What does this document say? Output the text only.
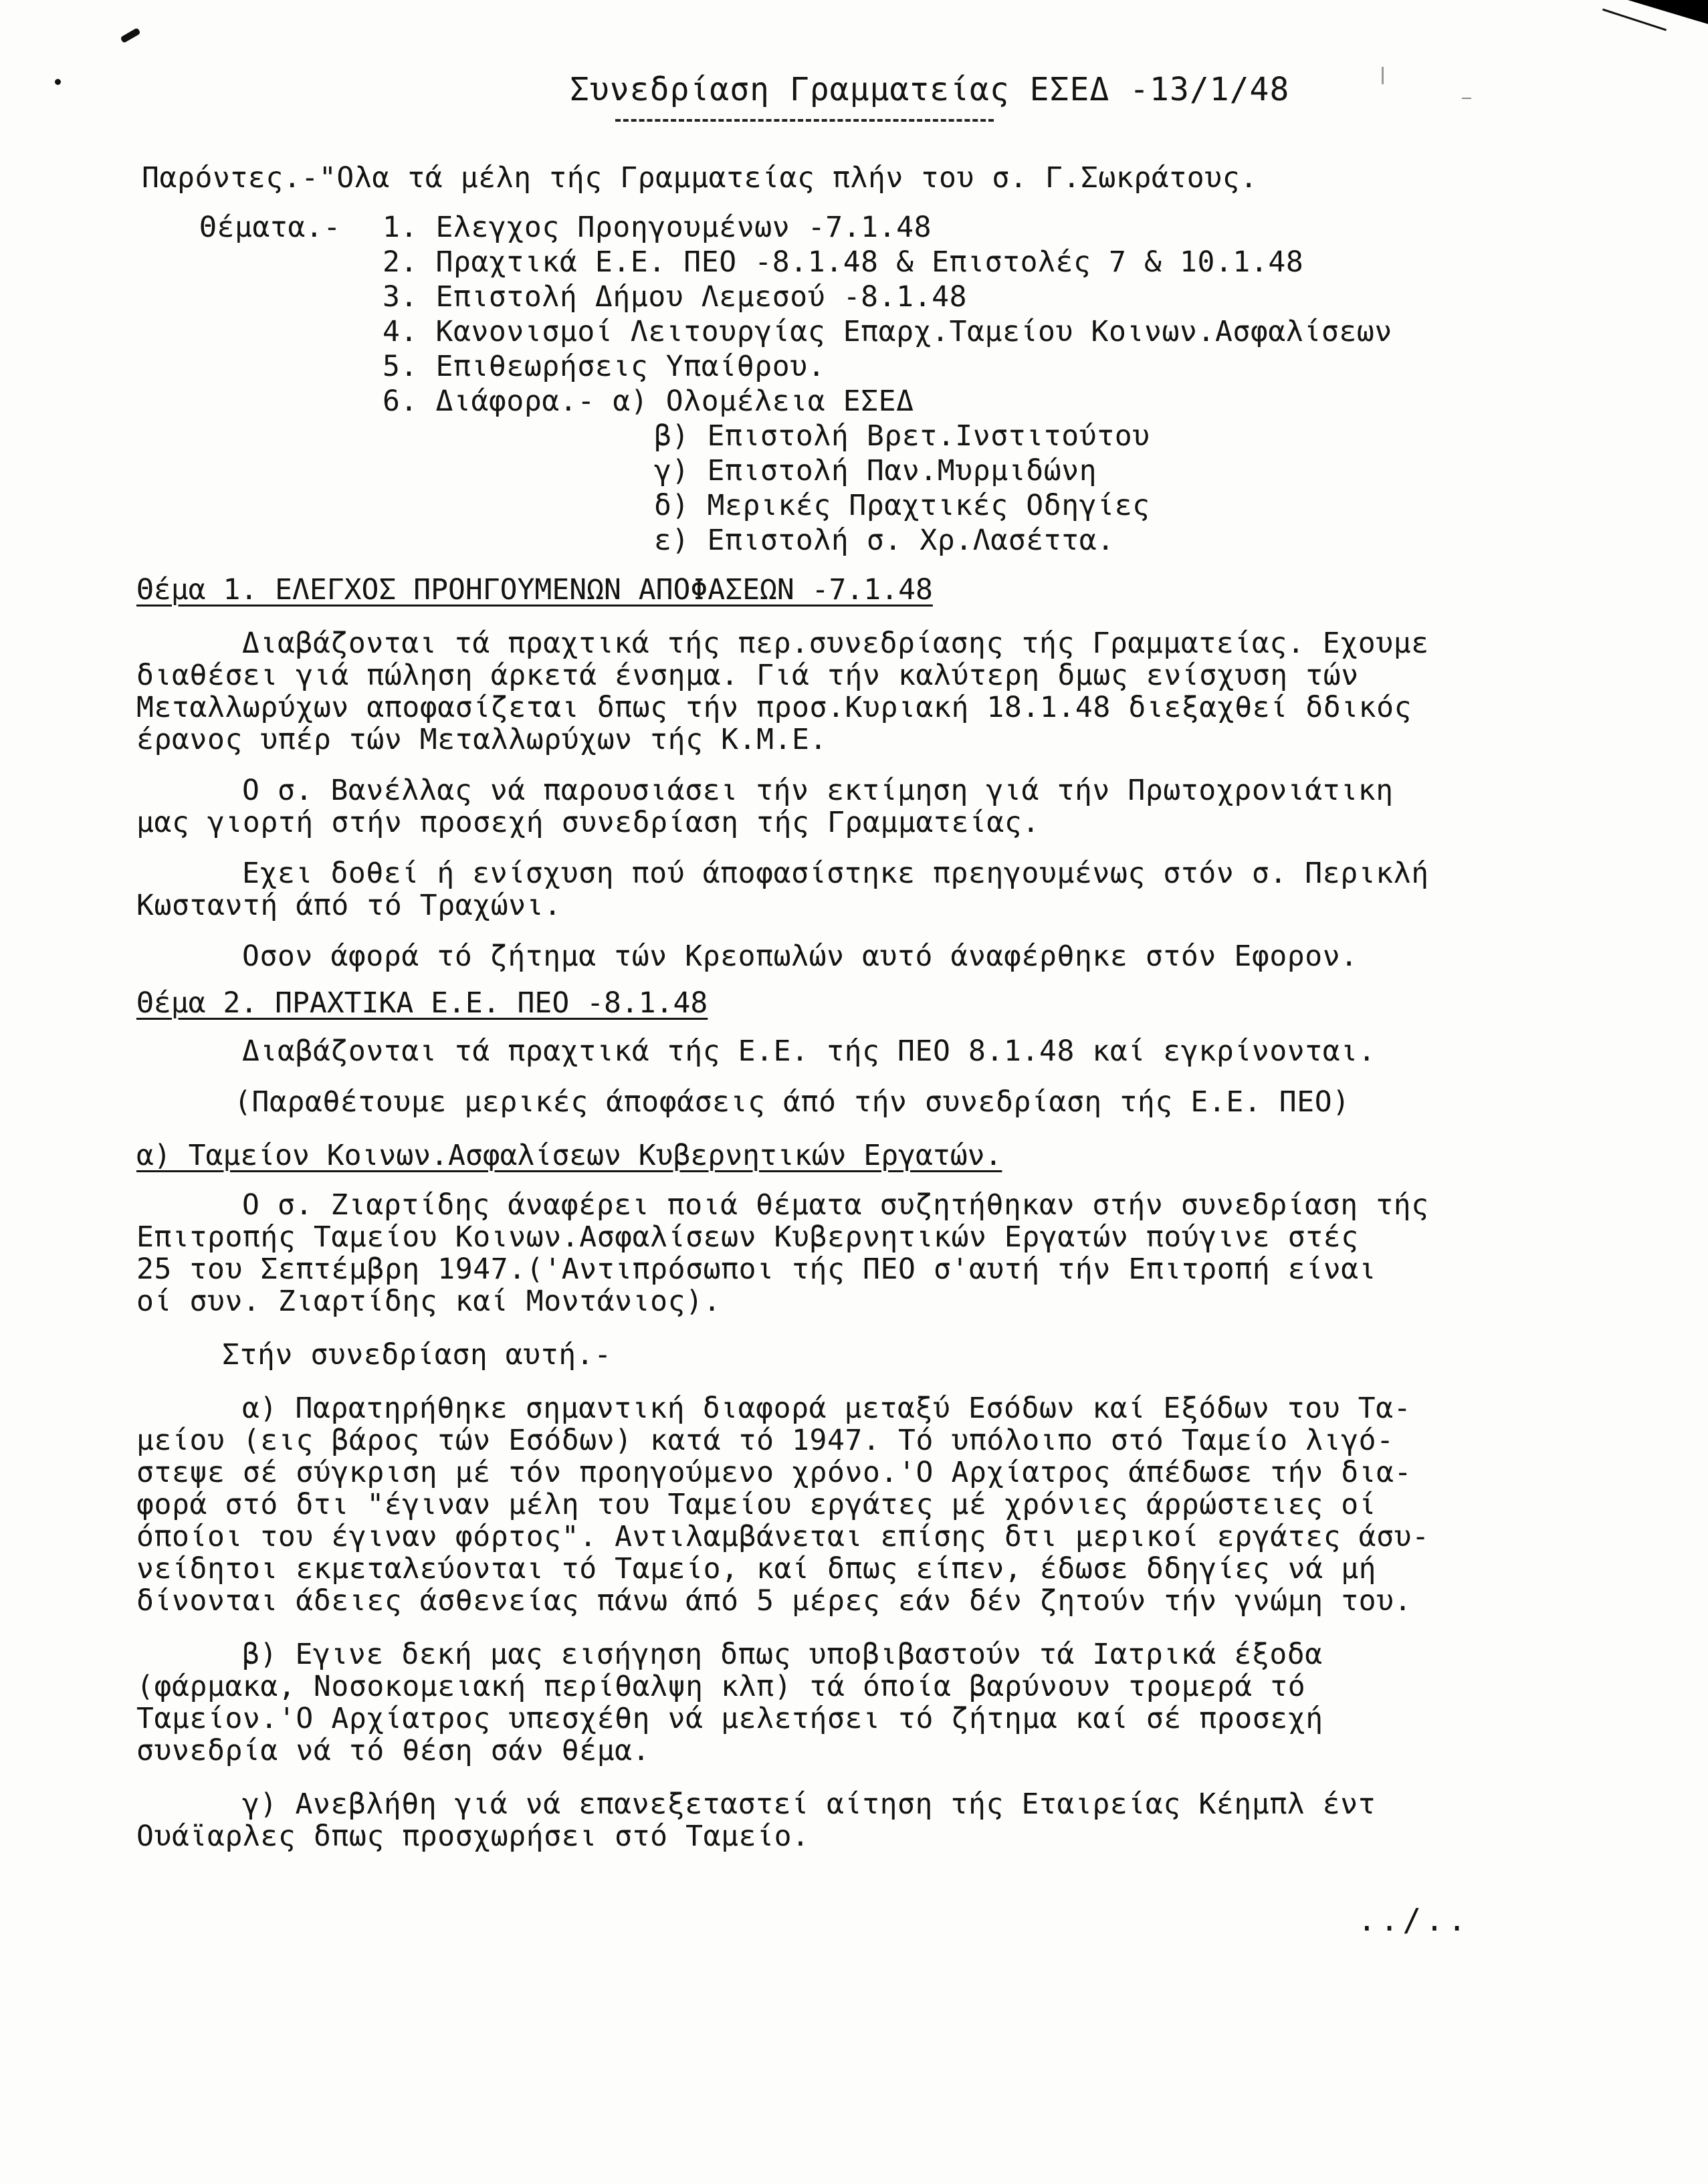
Συνεδρίαση Γραμματείας ΕΣΕΔ -13/1/48
Παρόντες.-"Ολα τά μέλη τής Γραμματείας πλήν του σ. Γ.Σωκράτους.
Θέματα.- 1. Ελεγχος Προηγουμένων -7.1.48
2. Πραχτικά Ε.Ε. ΠΕΟ -8.1.48 & Επιστολές 7 & 10.1.48
3. Επιστολή Δήμου Λεμεσού -8.1.48
4. Κανονισμοί Λειτουργίας Επαρχ.Ταμείου Κοινων.Ασφαλίσεων
5. Επιθεωρήσεις Υπαίθρου.
6. Διάφορα.- α) Ολομέλεια ΕΣΕΔ
β) Επιστολή Βρετ.Ινστιτούτου
γ) Επιστολή Παν.Μυρμιδώνη
δ) Μερικές Πραχτικές Οδηγίες
ε) Επιστολή σ. Χρ.Λασέττα.
Θέμα 1. ΕΛΕΓΧΟΣ ΠΡΟΗΓΟΥΜΕΝΩΝ ΑΠΟΦΑΣΕΩΝ -7.1.48
Διαβάζονται τά πραχτικά τής περ.συνεδρίασης τής Γραμματείας. Εχουμε
διαθέσει γιά πώληση άρκετά ένσημα. Γιά τήν καλύτερη δμως ενίσχυση τών
Μεταλλωρύχων αποφασίζεται δπως τήν προσ.Κυριακή 18.1.48 διεξαχθεί δδικός
έρανος υπέρ τών Μεταλλωρύχων τής Κ.Μ.Ε.
Ο σ. Βανέλλας νά παρουσιάσει τήν εκτίμηση γιά τήν Πρωτοχρονιάτικη
μας γιορτή στήν προσεχή συνεδρίαση τής Γραμματείας.
Εχει δοθεί ή ενίσχυση πού άποφασίστηκε πρεηγουμένως στόν σ. Περικλή
Κωσταντή άπό τό Τραχώνι.
Οσον άφορά τό ζήτημα τών Κρεοπωλών αυτό άναφέρθηκε στόν Εφορον.
Θέμα 2. ΠΡΑΧΤΙΚΑ Ε.Ε. ΠΕΟ -8.1.48
Διαβάζονται τά πραχτικά τής Ε.Ε. τής ΠΕΟ 8.1.48 καί εγκρίνονται.
(Παραθέτουμε μερικές άποφάσεις άπό τήν συνεδρίαση τής Ε.Ε. ΠΕΟ)
α) Ταμείον Κοινων.Ασφαλίσεων Κυβερνητικών Εργατών.
Ο σ. Ζιαρτίδης άναφέρει ποιά θέματα συζητήθηκαν στήν συνεδρίαση τής
Επιτροπής Ταμείου Κοινων.Ασφαλίσεων Κυβερνητικών Εργατών πούγινε στές
25 του Σεπτέμβρη 1947.('Αντιπρόσωποι τής ΠΕΟ σ'αυτή τήν Επιτροπή είναι
οί συν. Ζιαρτίδης καί Μοντάνιος).
Στήν συνεδρίαση αυτή.-
α) Παρατηρήθηκε σημαντική διαφορά μεταξύ Εσόδων καί Εξόδων του Τα-
μείου (εις βάρος τών Εσόδων) κατά τό 1947. Τό υπόλοιπο στό Ταμείο λιγό-
στεψε σέ σύγκριση μέ τόν προηγούμενο χρόνο.'Ο Αρχίατρος άπέδωσε τήν δια-
φορά στό δτι "έγιναν μέλη του Ταμείου εργάτες μέ χρόνιες άρρώστειες οί
όποίοι του έγιναν φόρτος". Αντιλαμβάνεται επίσης δτι μερικοί εργάτες άσυ-
νείδητοι εκμεταλεύονται τό Ταμείο, καί δπως είπεν, έδωσε δδηγίες νά μή
δίνονται άδειες άσθενείας πάνω άπό 5 μέρες εάν δέν ζητούν τήν γνώμη του.
β) Εγινε δεκή μας εισήγηση δπως υποβιβαστούν τά Ιατρικά έξοδα
(φάρμακα, Νοσοκομειακή περίθαλψη κλπ) τά όποία βαρύνουν τρομερά τό
Ταμείον.'Ο Αρχίατρος υπεσχέθη νά μελετήσει τό ζήτημα καί σέ προσεχή
συνεδρία νά τό θέση σάν θέμα.
γ) Ανεβλήθη γιά νά επανεξεταστεί αίτηση τής Εταιρείας Κέημπλ έντ
Ουάϊαρλες δπως προσχωρήσει στό Ταμείο.
../..
